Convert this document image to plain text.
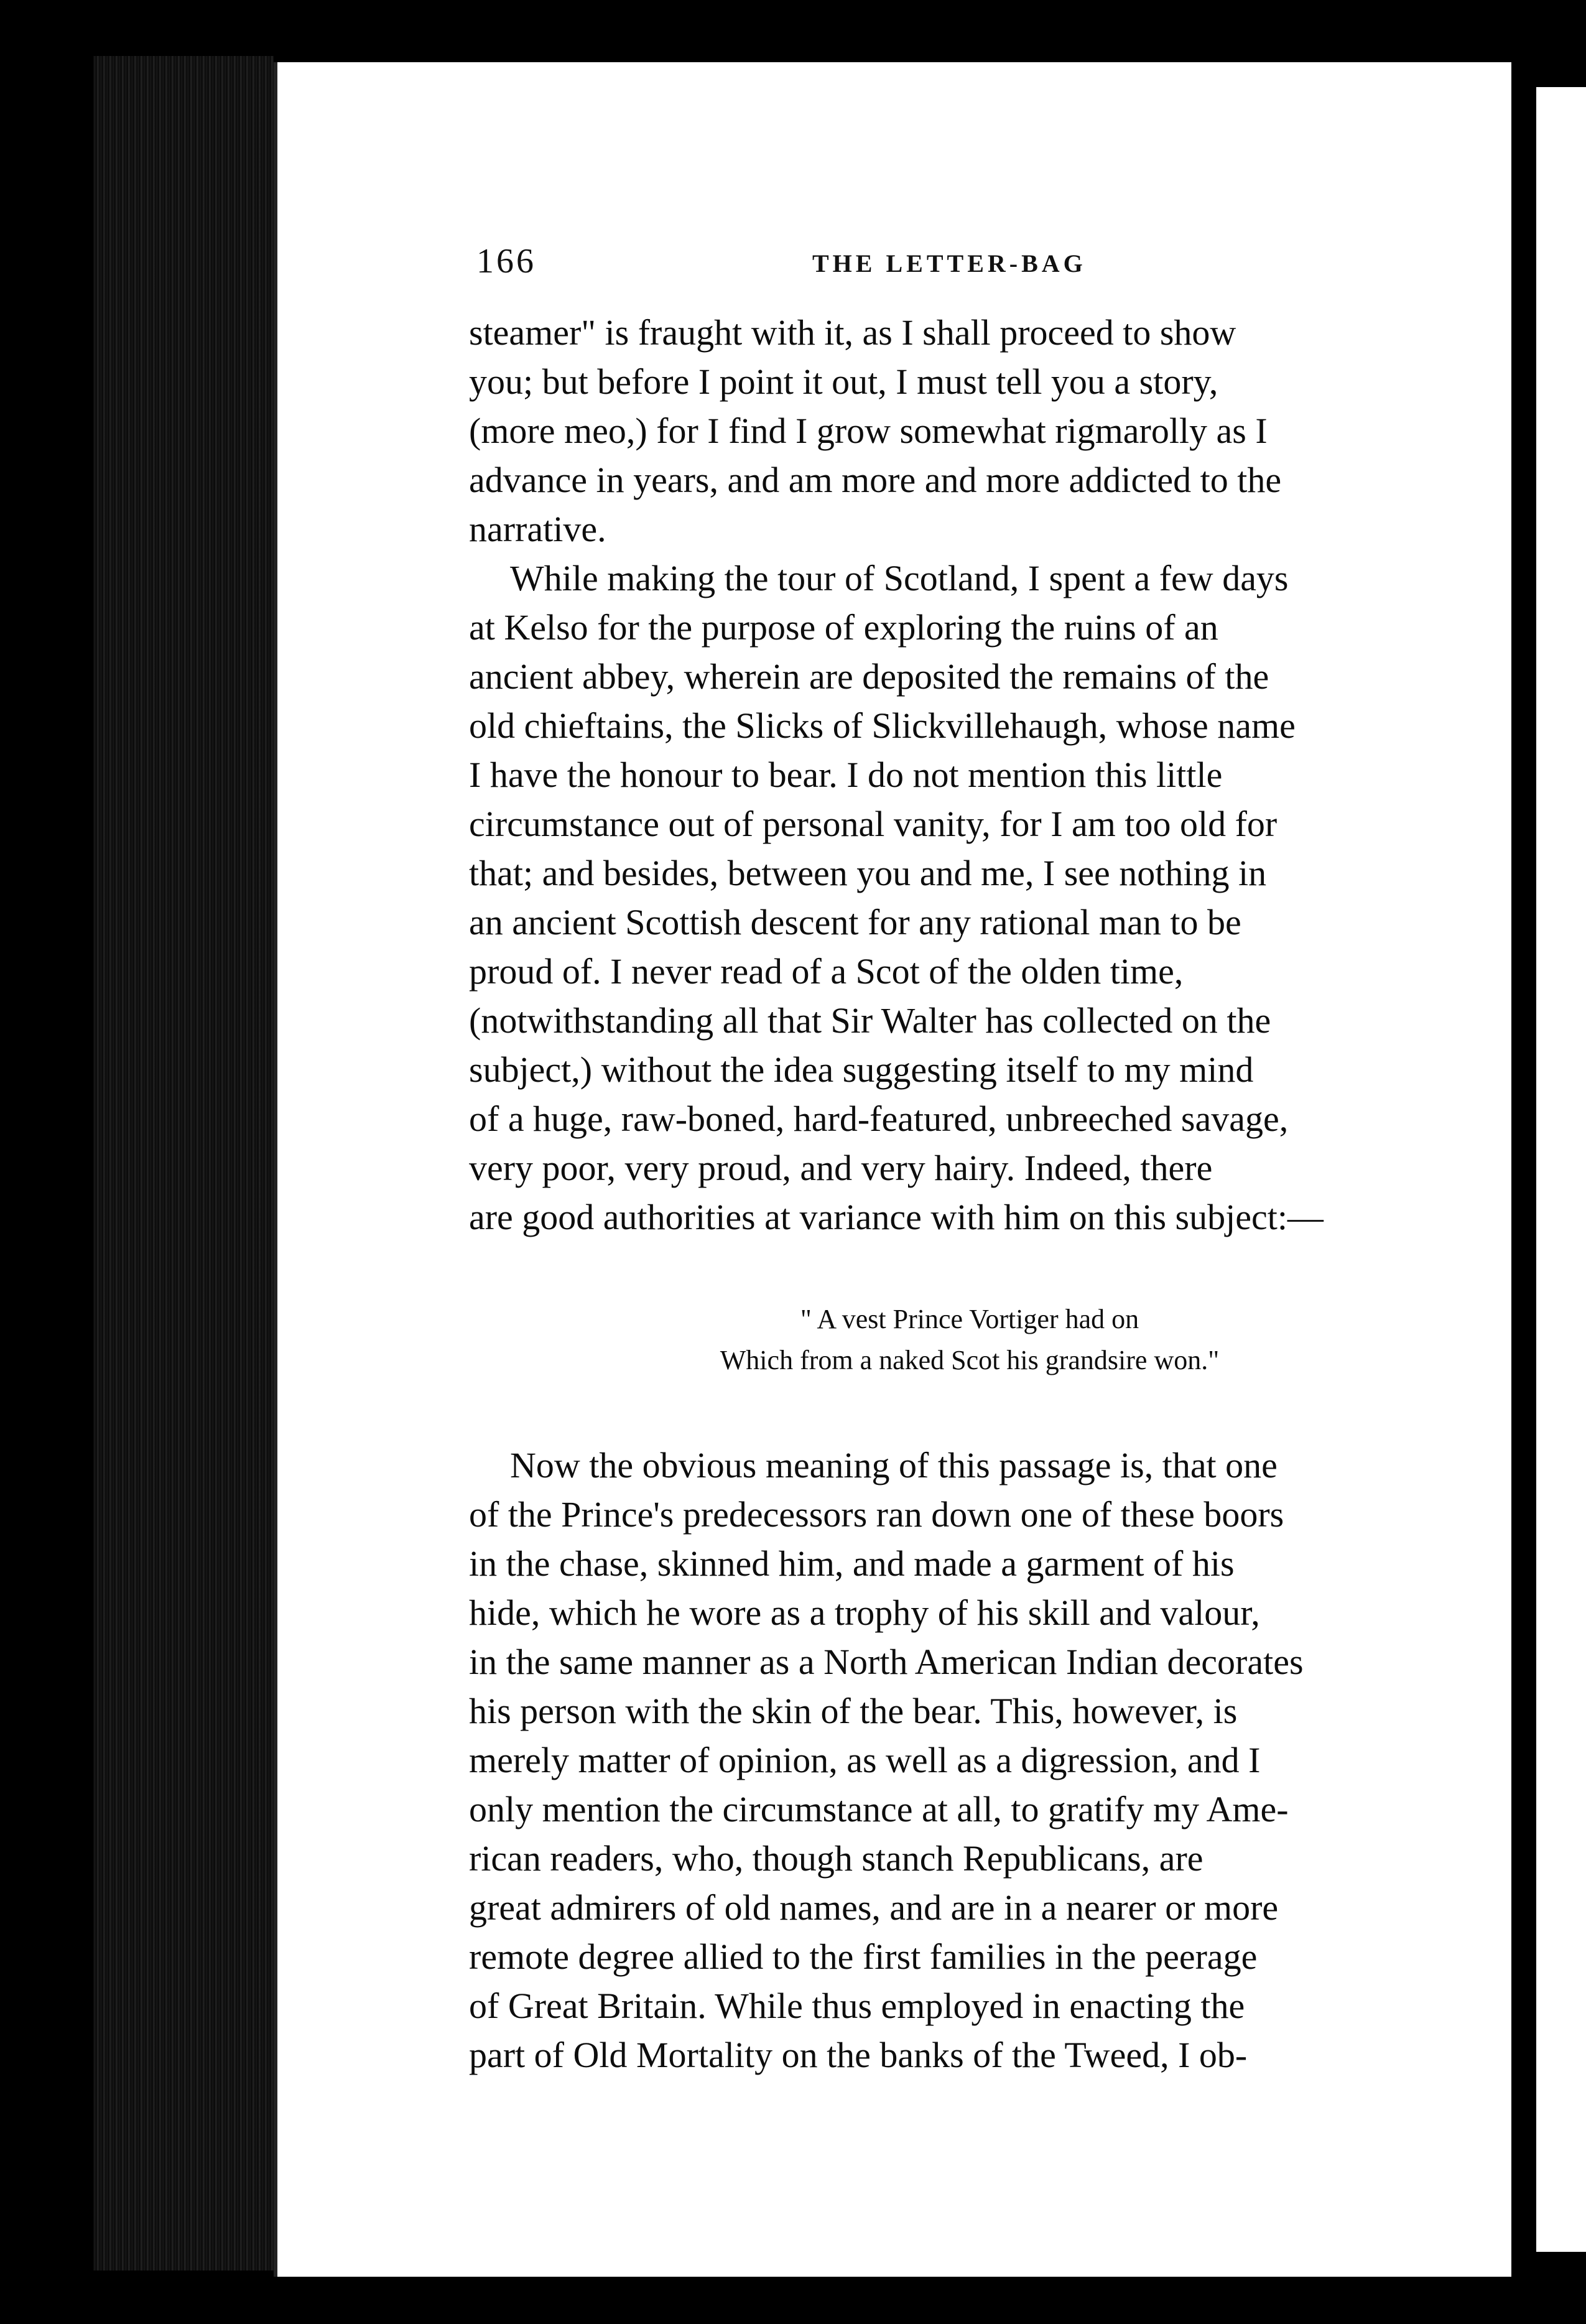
166	THE LETTER-BAG

steamer" is fraught with it, as I shall proceed to show
you; but before I point it out, I must tell you a story,
(more meo,) for I find I grow somewhat rigmarolly as I
advance in years, and am more and more addicted to the
narrative.

While making the tour of Scotland, I spent a few days
at Kelso for the purpose of exploring the ruins of an
ancient abbey, wherein are deposited the remains of the
old chieftains, the Slicks of Slickvillehaugh, whose name
I have the honour to bear. I do not mention this little
circumstance out of personal vanity, for I am too old for
that; and besides, between you and me, I see nothing in
an ancient Scottish descent for any rational man to be
proud of. I never read of a Scot of the olden time,
(notwithstanding all that Sir Walter has collected on the
subject,) without the idea suggesting itself to my mind
of a huge, raw-boned, hard-featured, unbreeched savage,
very poor, very proud, and very hairy. Indeed, there
are good authorities at variance with him on this subject:—

" A vest Prince Vortiger had on
Which from a naked Scot his grandsire won."

Now the obvious meaning of this passage is, that one
of the Prince's predecessors ran down one of these boors
in the chase, skinned him, and made a garment of his
hide, which he wore as a trophy of his skill and valour,
in the same manner as a North American Indian decorates
his person with the skin of the bear. This, however, is
merely matter of opinion, as well as a digression, and I
only mention the circumstance at all, to gratify my Ame-
rican readers, who, though stanch Republicans, are
great admirers of old names, and are in a nearer or more
remote degree allied to the first families in the peerage
of Great Britain. While thus employed in enacting the
part of Old Mortality on the banks of the Tweed, I ob-
